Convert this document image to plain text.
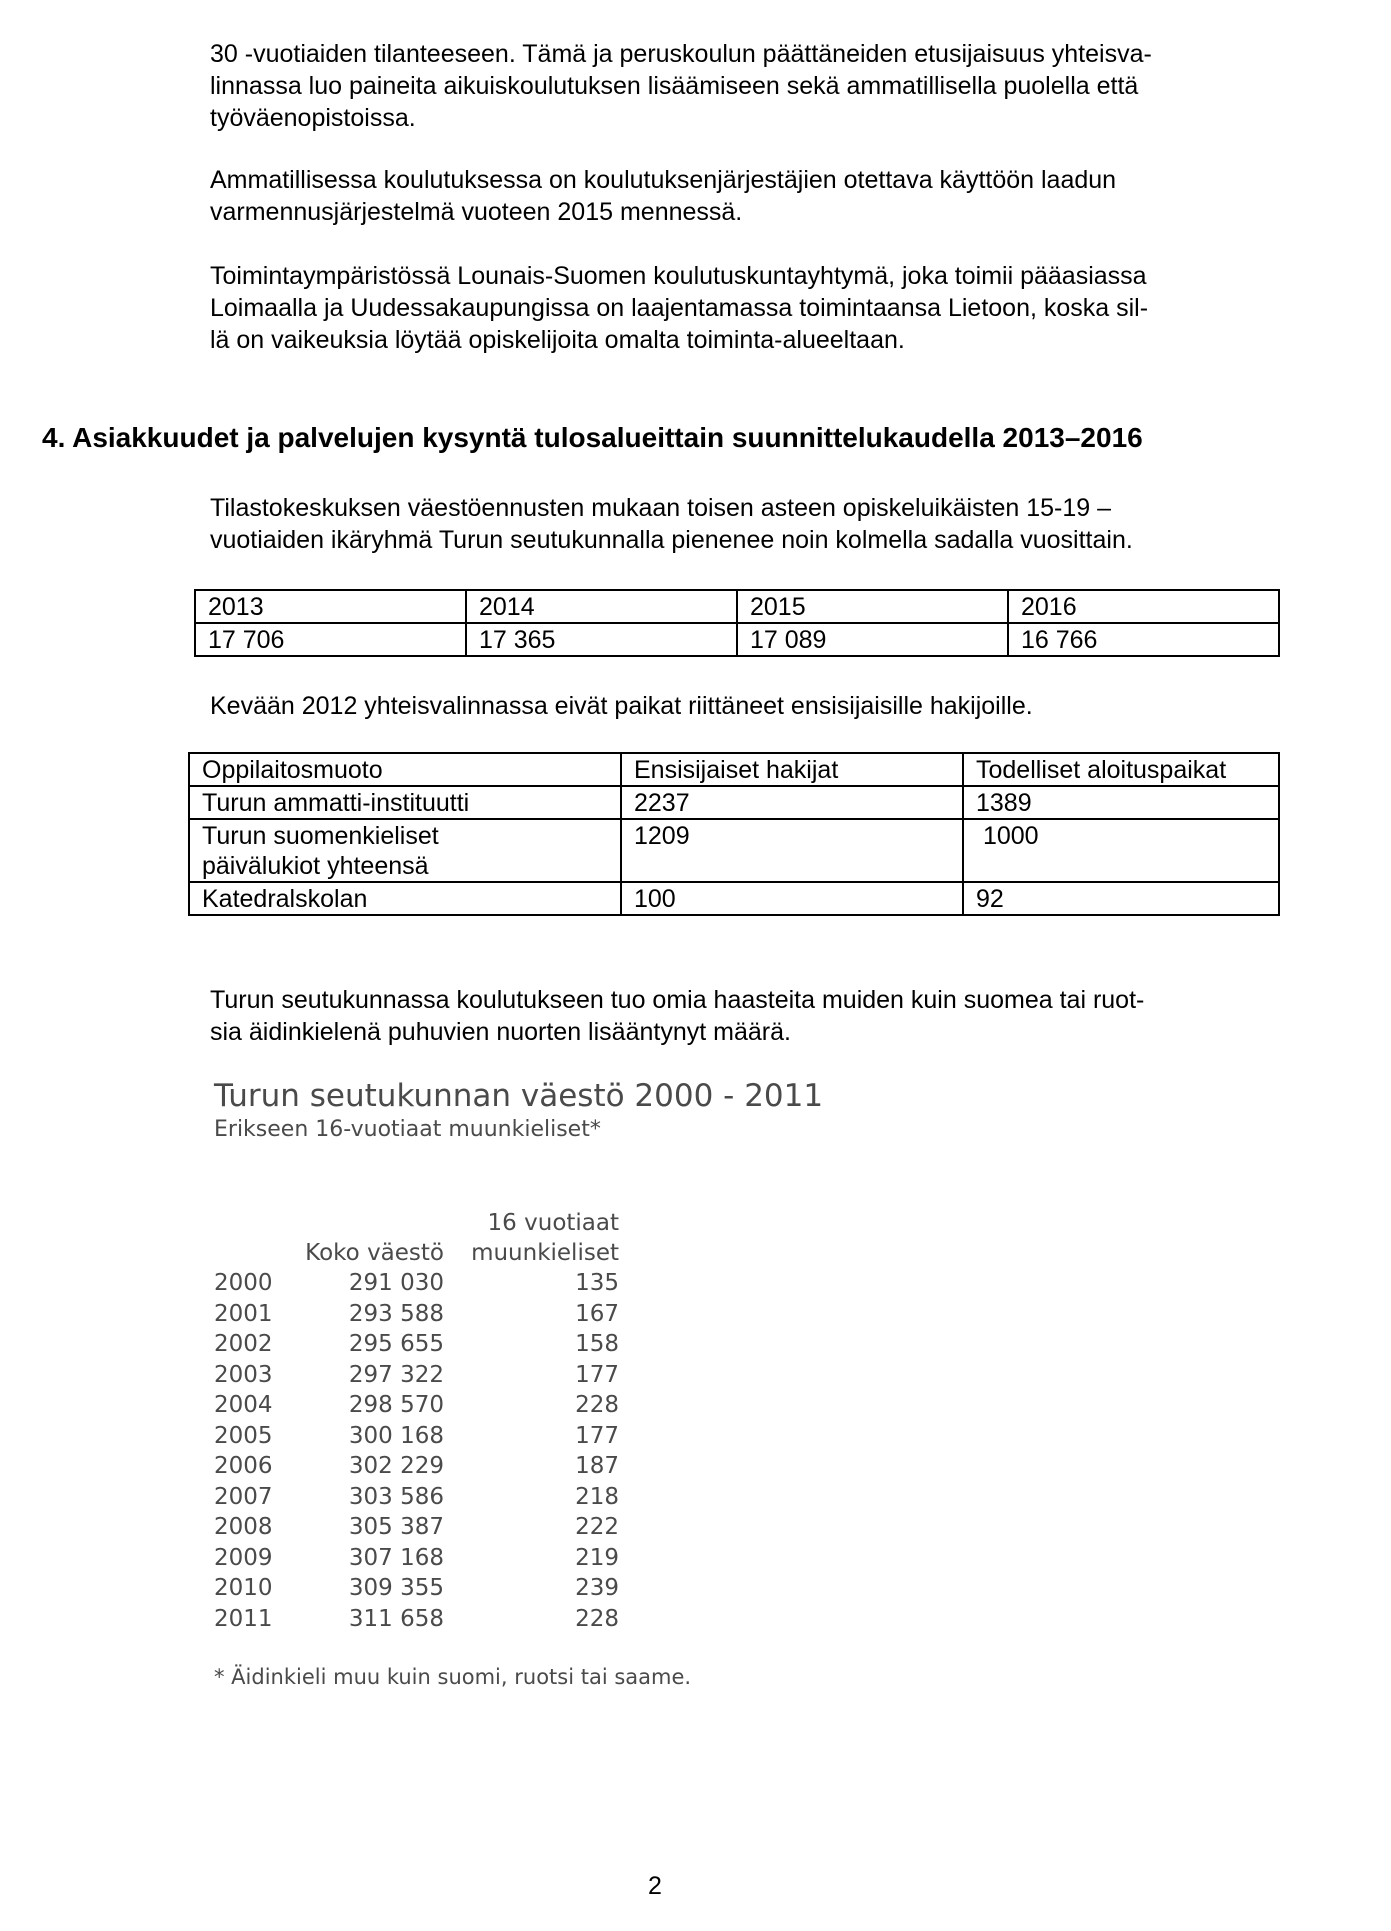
30 -vuotiaiden tilanteeseen. Tämä ja peruskoulun päättäneiden etusijaisuus yhteisva-
linnassa luo paineita aikuiskoulutuksen lisäämiseen sekä ammatillisella puolella että
työväenopistoissa.

Ammatillisessa koulutuksessa on koulutuksenjärjestäjien otettava käyttöön laadun
varmennusjärjestelmä vuoteen 2015 mennessä.

Toimintaympäristössä Lounais-Suomen koulutuskuntayhtymä, joka toimii pääasiassa
Loimaalla ja Uudessakaupungissa on laajentamassa toimintaansa Lietoon, koska sil-
lä on vaikeuksia löytää opiskelijoita omalta toiminta-alueeltaan.

4. Asiakkuudet ja palvelujen kysyntä tulosalueittain suunnittelukaudella 2013–2016

Tilastokeskuksen väestöennusten mukaan toisen asteen opiskeluikäisten 15-19 –
vuotiaiden ikäryhmä Turun seutukunnalla pienenee noin kolmella sadalla vuosittain.

2013	2014	2015	2016
17 706	17 365	17 089	16 766

Kevään 2012 yhteisvalinnassa eivät paikat riittäneet ensisijaisille hakijoille.

Oppilaitosmuoto	Ensisijaiset hakijat	Todelliset aloituspaikat
Turun ammatti-instituutti	2237	1389

Turun suomenkieliset
päivälukiot yhteensä	1209	1000
Katedralskolan	100	92

Turun seutukunnassa koulutukseen tuo omia haasteita muiden kuin suomea tai ruot-
sia äidinkielenä puhuvien nuorten lisääntynyt määrä.

Turun seutukunnan väestö 2000 - 2011
Erikseen 16-vuotiaat muunkieliset*
	Koko väestö	16 vuotiaat
muunkieliset

2000	291 030	135
2001	293 588	167
2002	295 655	158
2003	297 322	177
2004	298 570	228
2005	300 168	177
2006	302 229	187
2007	303 586	218
2008	305 387	222
2009	307 168	219
2010	309 355	239
2011	311 658	228
* Äidinkieli muu kuin suomi, ruotsi tai saame.
2
